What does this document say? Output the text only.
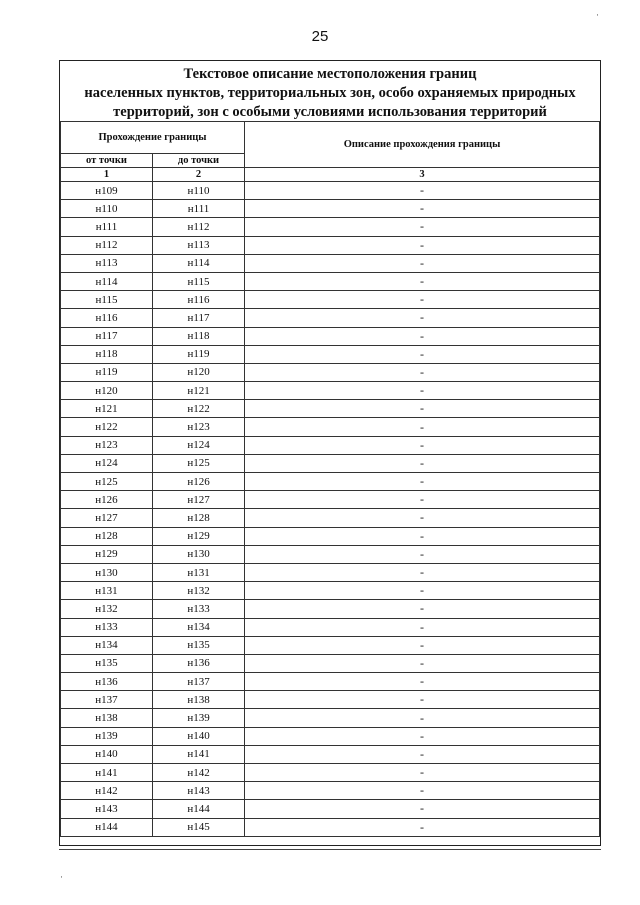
25
·
·
Текстовое описание местоположения границ
населенных пунктов, территориальных зон, особо охраняемых природных
территорий, зон с особыми условиями использования территорий
Прохождение границы		Описание прохождения границы
от точки	до точки	
1	2	3
н109	н110	-
н110	н111	-
н111	н112	-
н112	н113	-
н113	н114	-
н114	н115	-
н115	н116	-
н116	н117	-
н117	н118	-
н118	н119	-
н119	н120	-
н120	н121	-
н121	н122	-
н122	н123	-
н123	н124	-
н124	н125	-
н125	н126	-
н126	н127	-
н127	н128	-
н128	н129	-
н129	н130	-
н130	н131	-
н131	н132	-
н132	н133	-
н133	н134	-
н134	н135	-
н135	н136	-
н136	н137	-
н137	н138	-
н138	н139	-
н139	н140	-
н140	н141	-
н141	н142	-
н142	н143	-
н143	н144	-
н144	н145	-
